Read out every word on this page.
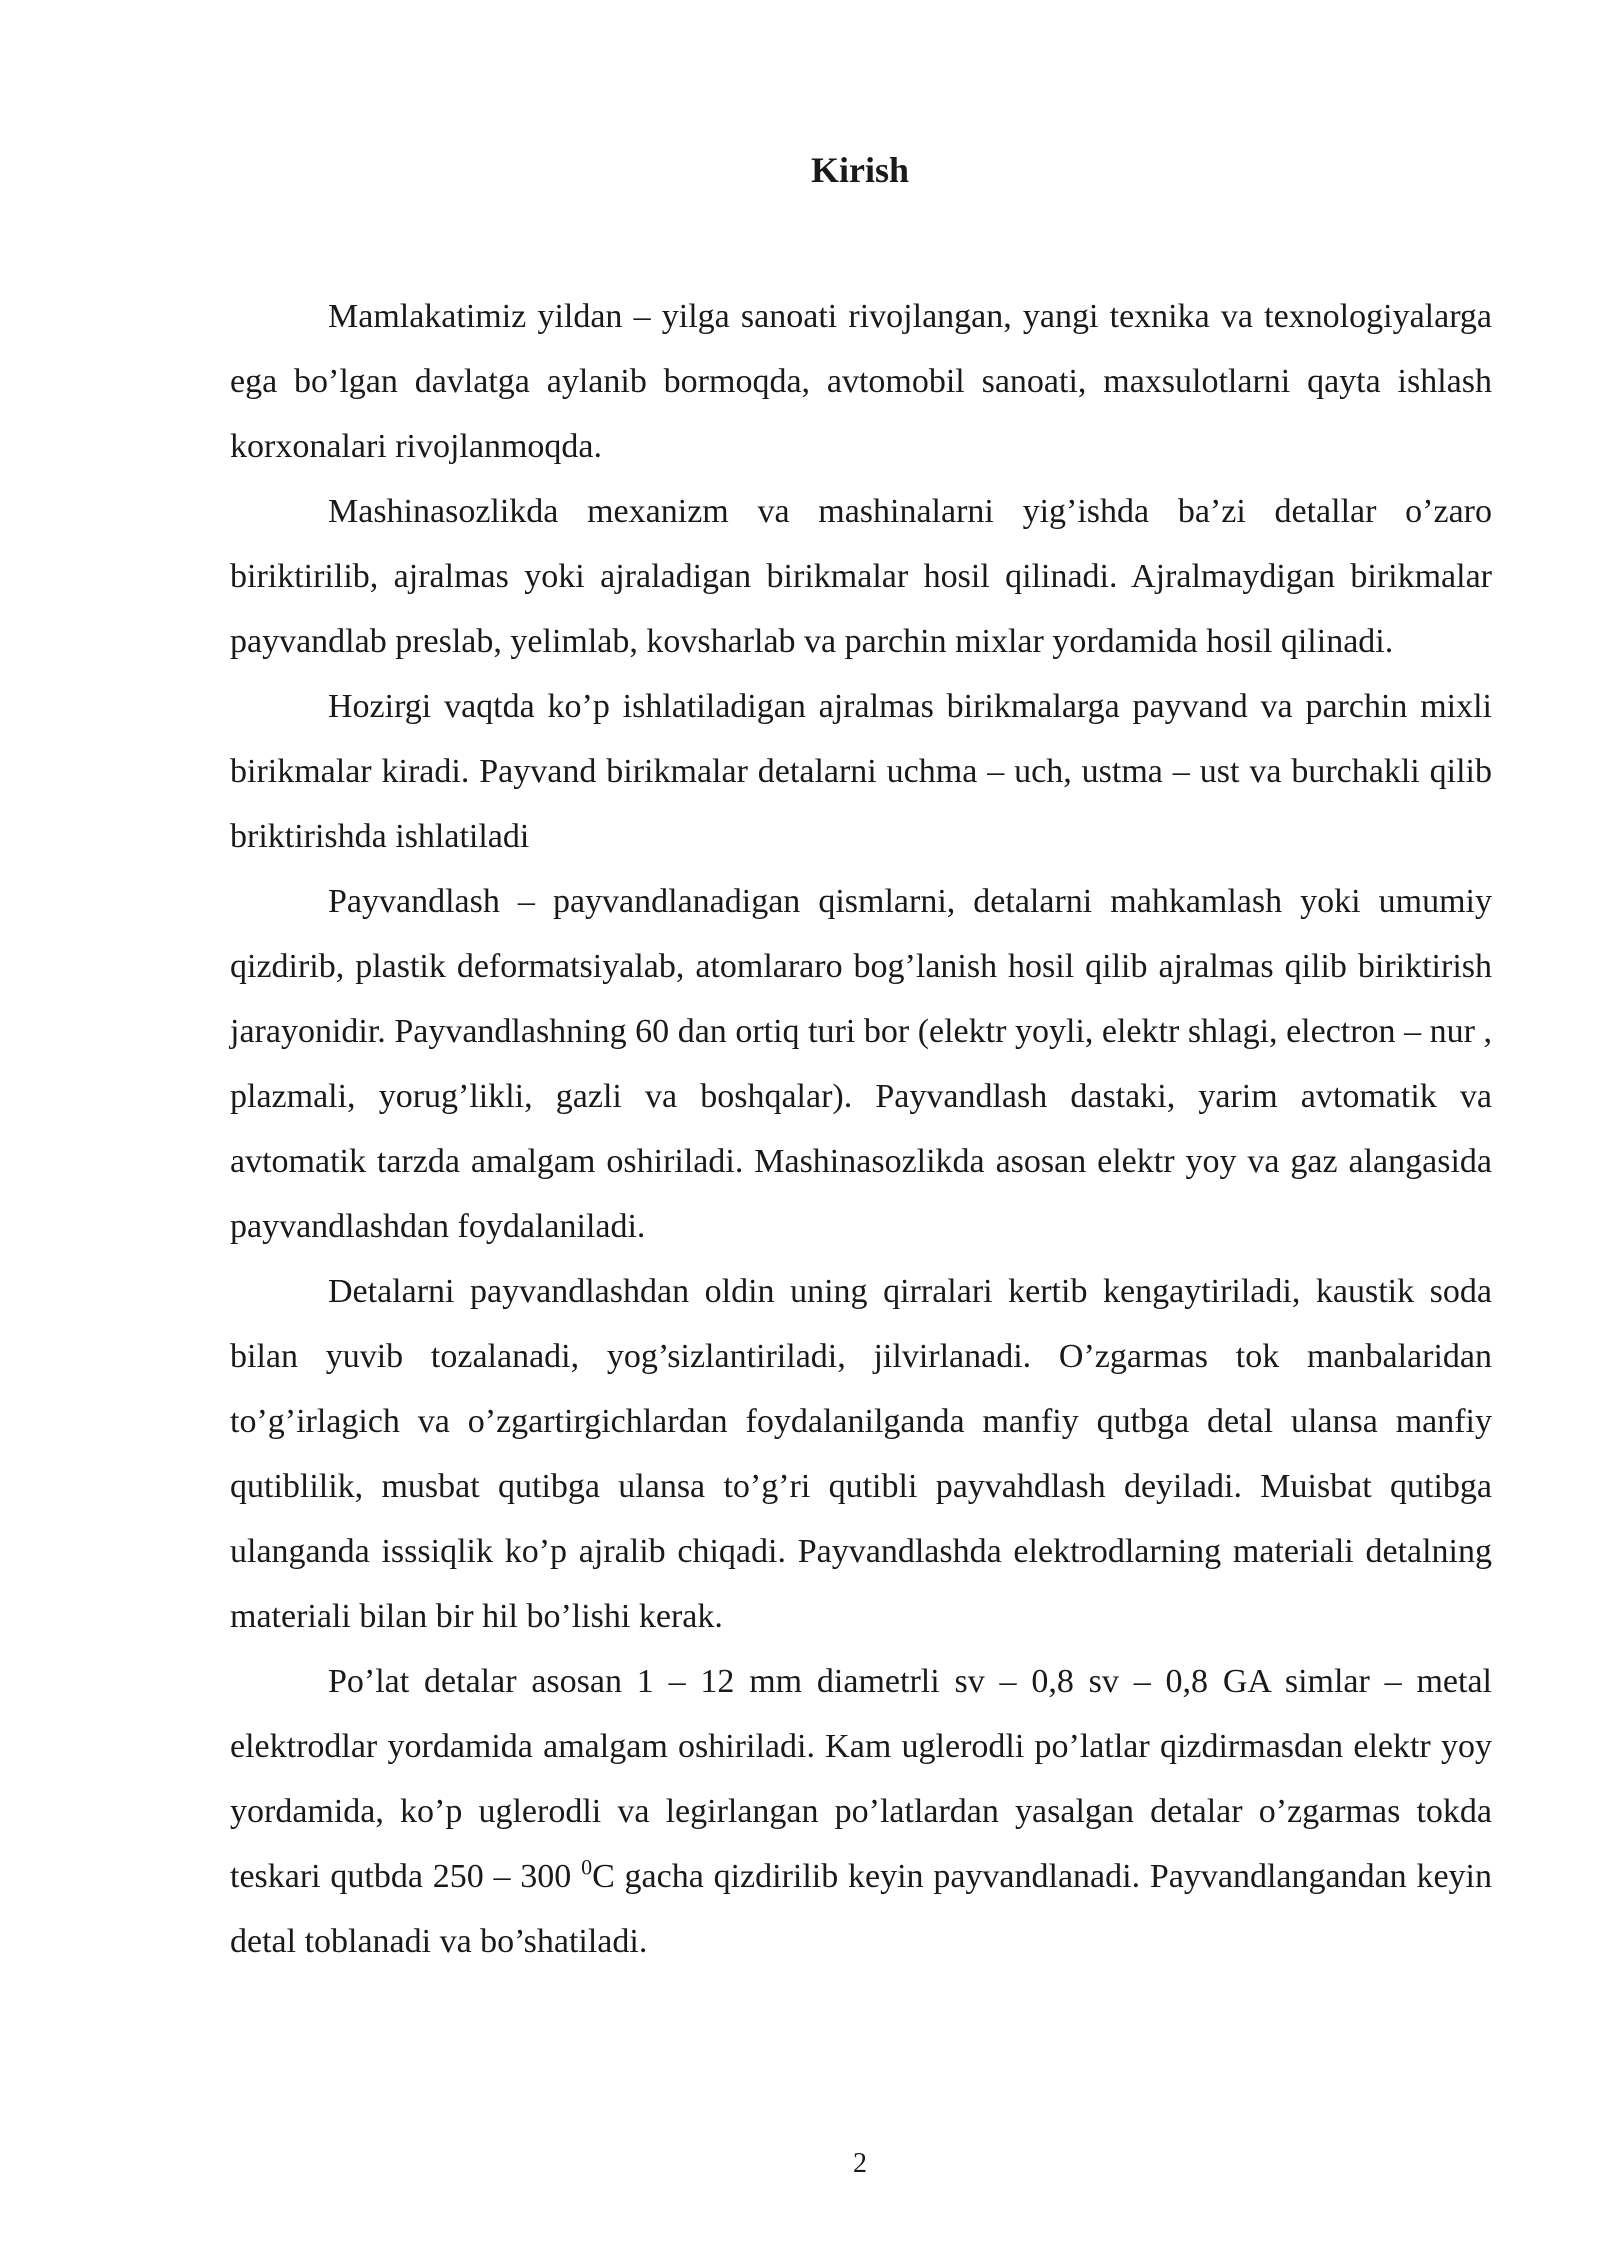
Kirish

Mamlakatimiz yildan – yilga sanoati rivojlangan, yangi texnika va texnologiyalarga ega bo’lgan davlatga aylanib bormoqda, avtomobil sanoati, maxsulotlarni qayta ishlash korxonalari rivojlanmoqda.

Mashinasozlikda mexanizm va mashinalarni yig’ishda ba’zi detallar o’zaro biriktirilib, ajralmas yoki ajraladigan birikmalar hosil qilinadi. Ajralmaydigan birikmalar payvandlab preslab, yelimlab, kovsharlab va parchin mixlar yordamida hosil qilinadi.

Hozirgi vaqtda ko’p ishlatiladigan ajralmas birikmalarga payvand va parchin mixli birikmalar kiradi. Payvand birikmalar detalarni uchma – uch, ustma – ust va burchakli qilib briktirishda ishlatiladi

Payvandlash – payvandlanadigan qismlarni, detalarni mahkamlash yoki umumiy qizdirib, plastik deformatsiyalab, atomlararo bog’lanish hosil qilib ajralmas qilib biriktirish jarayonidir. Payvandlashning 60 dan ortiq turi bor (elektr yoyli, elektr shlagi, electron – nur , plazmali, yorug’likli, gazli va boshqalar). Payvandlash dastaki, yarim avtomatik va avtomatik tarzda amalgam oshiriladi. Mashinasozlikda asosan elektr yoy va gaz alangasida payvandlashdan foydalaniladi.

Detalarni payvandlashdan oldin uning qirralari kertib kengaytiriladi, kaustik soda bilan yuvib tozalanadi, yog’sizlantiriladi, jilvirlanadi. O’zgarmas tok manbalaridan to’g’irlagich va o’zgartirgichlardan foydalanilganda manfiy qutbga detal ulansa manfiy qutiblilik, musbat qutibga ulansa to’g’ri qutibli payvahdlash deyiladi. Muisbat qutibga ulanganda isssiqlik ko’p ajralib chiqadi. Payvandlashda elektrodlarning materiali detalning materiali bilan bir hil bo’lishi kerak.

Po’lat detalar asosan 1 – 12 mm diametrli sv – 0,8 sv – 0,8 GA simlar – metal elektrodlar yordamida amalgam oshiriladi. Kam uglerodli po’latlar qizdirmasdan elektr yoy yordamida, ko’p uglerodli va legirlangan po’latlardan yasalgan detalar o’zgarmas tokda teskari qutbda 250 – 300 $^0$C gacha qizdirilib keyin payvandlanadi. Payvandlangandan keyin detal toblanadi va bo’shatiladi.

2
